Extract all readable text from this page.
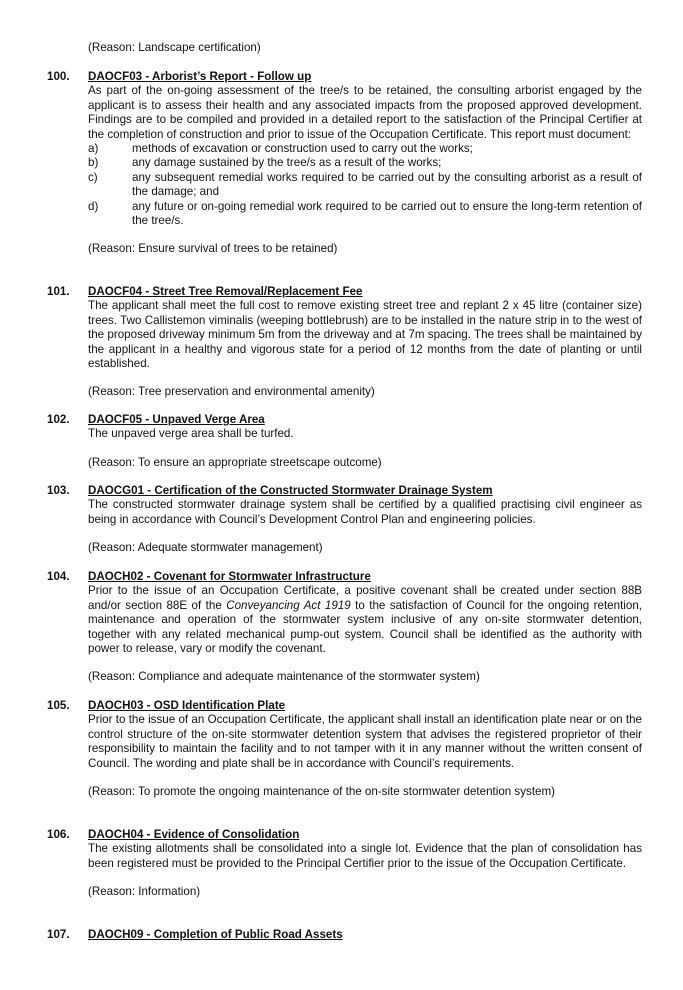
(Reason: Landscape certification)
100. DAOCF03 - Arborist’s Report - Follow up
As part of the on-going assessment of the tree/s to be retained, the consulting arborist engaged by the applicant is to assess their health and any associated impacts from the proposed approved development. Findings are to be compiled and provided in a detailed report to the satisfaction of the Principal Certifier at the completion of construction and prior to issue of the Occupation Certificate. This report must document:
a)	methods of excavation or construction used to carry out the works;
b)	any damage sustained by the tree/s as a result of the works;
c)	any subsequent remedial works required to be carried out by the consulting arborist as a result of the damage; and
d)	any future or on-going remedial work required to be carried out to ensure the long-term retention of the tree/s.
(Reason: Ensure survival of trees to be retained)
101. DAOCF04 - Street Tree Removal/Replacement Fee
The applicant shall meet the full cost to remove existing street tree and replant 2 x 45 litre (container size) trees. Two Callistemon viminalis (weeping bottlebrush) are to be installed in the nature strip in to the west of the proposed driveway minimum 5m from the driveway and at 7m spacing. The trees shall be maintained by the applicant in a healthy and vigorous state for a period of 12 months from the date of planting or until established.
(Reason: Tree preservation and environmental amenity)
102. DAOCF05 - Unpaved Verge Area
The unpaved verge area shall be turfed.
(Reason: To ensure an appropriate streetscape outcome)
103. DAOCG01 - Certification of the Constructed Stormwater Drainage System
The constructed stormwater drainage system shall be certified by a qualified practising civil engineer as being in accordance with Council’s Development Control Plan and engineering policies.
(Reason: Adequate stormwater management)
104. DAOCH02 - Covenant for Stormwater Infrastructure
Prior to the issue of an Occupation Certificate, a positive covenant shall be created under section 88B and/or section 88E of the Conveyancing Act 1919 to the satisfaction of Council for the ongoing retention, maintenance and operation of the stormwater system inclusive of any on-site stormwater detention, together with any related mechanical pump-out system. Council shall be identified as the authority with power to release, vary or modify the covenant.
(Reason: Compliance and adequate maintenance of the stormwater system)
105. DAOCH03 - OSD Identification Plate
Prior to the issue of an Occupation Certificate, the applicant shall install an identification plate near or on the control structure of the on-site stormwater detention system that advises the registered proprietor of their responsibility to maintain the facility and to not tamper with it in any manner without the written consent of Council. The wording and plate shall be in accordance with Council’s requirements.
(Reason: To promote the ongoing maintenance of the on-site stormwater detention system)
106. DAOCH04 - Evidence of Consolidation
The existing allotments shall be consolidated into a single lot. Evidence that the plan of consolidation has been registered must be provided to the Principal Certifier prior to the issue of the Occupation Certificate.
(Reason: Information)
107. DAOCH09 - Completion of Public Road Assets
